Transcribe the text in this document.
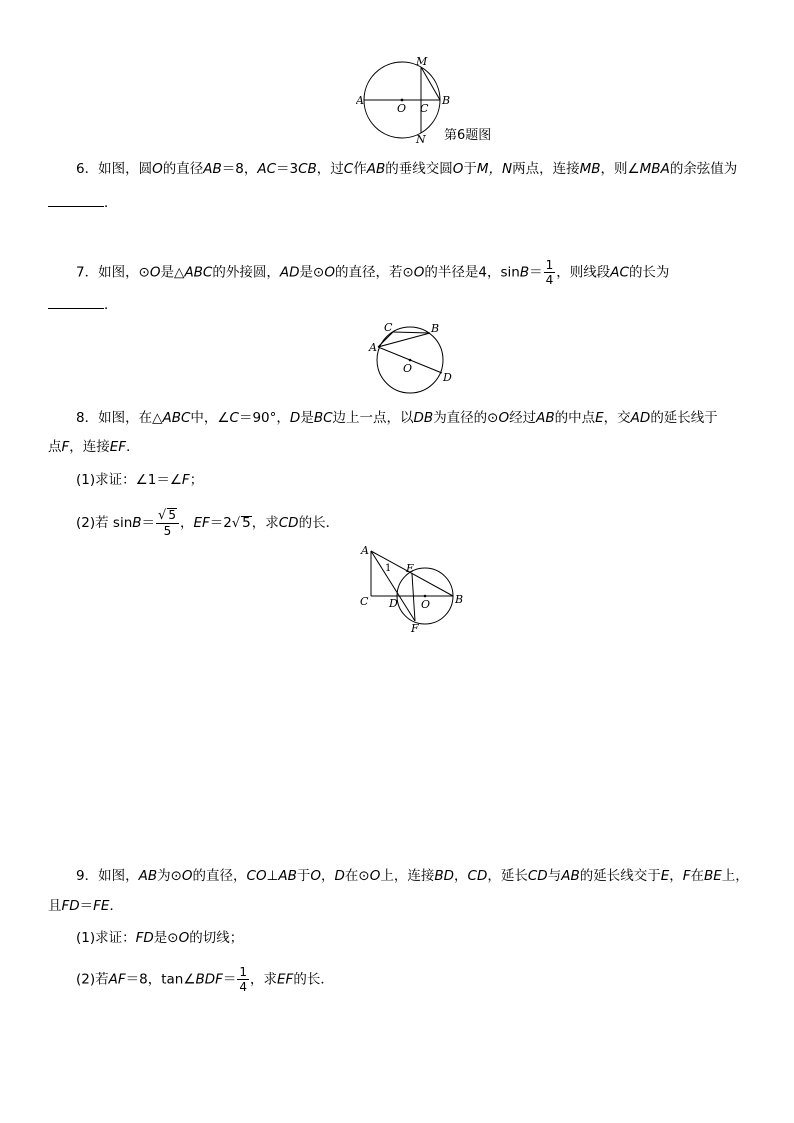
A
O C
B
M
N 第6题图
6．如图，圆O的直径AB＝8，AC＝3CB，过C作AB的垂线交圆O于M，N两点，连接MB，则∠MBA的余弦值为
．
7．如图，⊙O是△ABC的外接圆，AD是⊙O的直径，若⊙O的半径是4，$\sin B= \frac{1}{4}$ ，则线段AC的长为
．
A
C	B
O
D
8．如图，在△ABC中，∠C＝90°，D是BC边上一点，以DB为直径的⊙O经过AB的中点E，交AD的延长线于
点F，连接EF．
(1)求证：∠1＝∠F；
(2)若 $\sin B= \frac{√ 5}{5}$ ，EF＝2√ 5，求CD的长．
A
C D O B
E
F
1
9．如图，AB为⊙O的直径，CO⊥AB于O，D在⊙O上，连接BD，CD，延长CD与AB的延长线交于E，F在BE上，
且FD＝FE．
(1)求证：FD是⊙O的切线；
(2)若AF＝8，tan∠BDF＝ $\frac{1}{4}$ ，求EF的长．
